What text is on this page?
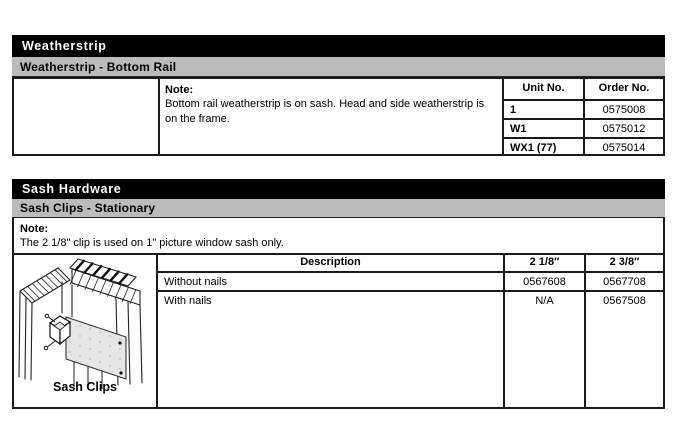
Weatherstrip
Weatherstrip - Bottom Rail
Note:
Bottom rail weatherstrip is on sash. Head and side weatherstrip is on the frame.
Unit No.	Order No.
1	0575008
W1	0575012
WX1 (77)	0575014
Sash Hardware
Sash Clips - Stationary
Note:
The 2 1/8" clip is used on 1" picture window sash only.
Sash Clips
Description	2 1/8″	2 3/8″
Without nails	0567608	0567708
With nails	N/A	0567508
